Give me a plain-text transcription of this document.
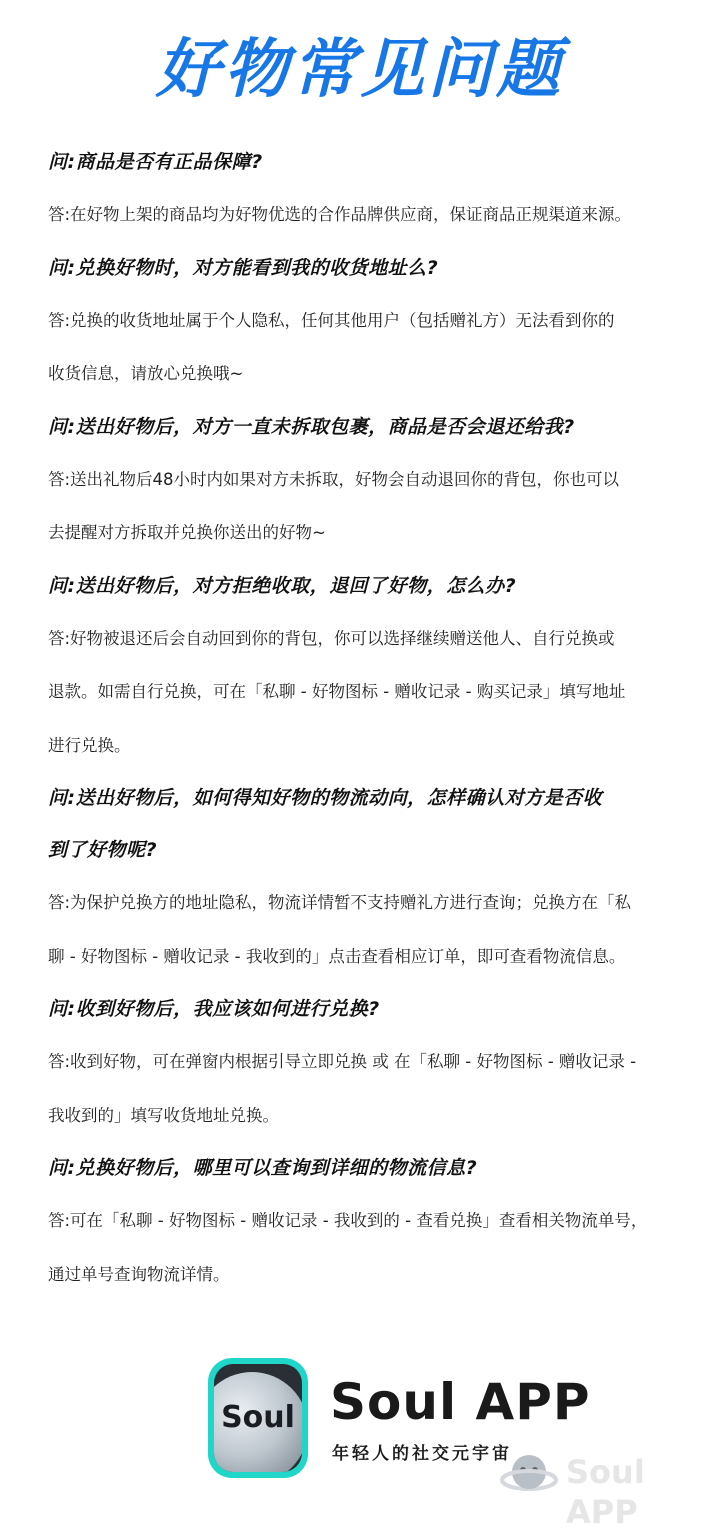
好物常见问题

问:商品是否有正品保障?

答:在好物上架的商品均为好物优选的合作品牌供应商，保证商品正规渠道来源。

问:兑换好物时，对方能看到我的收货地址么?

答:兑换的收货地址属于个人隐私，任何其他用户（包括赠礼方）无法看到你的

收货信息，请放心兑换哦~

问:送出好物后，对方一直未拆取包裹，商品是否会退还给我?

答:送出礼物后48小时内如果对方未拆取，好物会自动退回你的背包，你也可以

去提醒对方拆取并兑换你送出的好物~

问:送出好物后，对方拒绝收取，退回了好物，怎么办?

答:好物被退还后会自动回到你的背包，你可以选择继续赠送他人、自行兑换或

退款。如需自行兑换，可在「私聊 - 好物图标 - 赠收记录 - 购买记录」填写地址

进行兑换。

问:送出好物后，如何得知好物的物流动向，怎样确认对方是否收

到了好物呢?

答:为保护兑换方的地址隐私，物流详情暂不支持赠礼方进行查询；兑换方在「私

聊 - 好物图标 - 赠收记录 - 我收到的」点击查看相应订单，即可查看物流信息。

问:收到好物后，我应该如何进行兑换?

答:收到好物，可在弹窗内根据引导立即兑换 或 在「私聊 - 好物图标 - 赠收记录 -

我收到的」填写收货地址兑换。

问:兑换好物后，哪里可以查询到详细的物流信息?

答:可在「私聊 - 好物图标 - 赠收记录 - 我收到的 - 查看兑换」查看相关物流单号，

通过单号查询物流详情。

Soul Soul APP
年轻人的社交元宇宙 Soul APP
